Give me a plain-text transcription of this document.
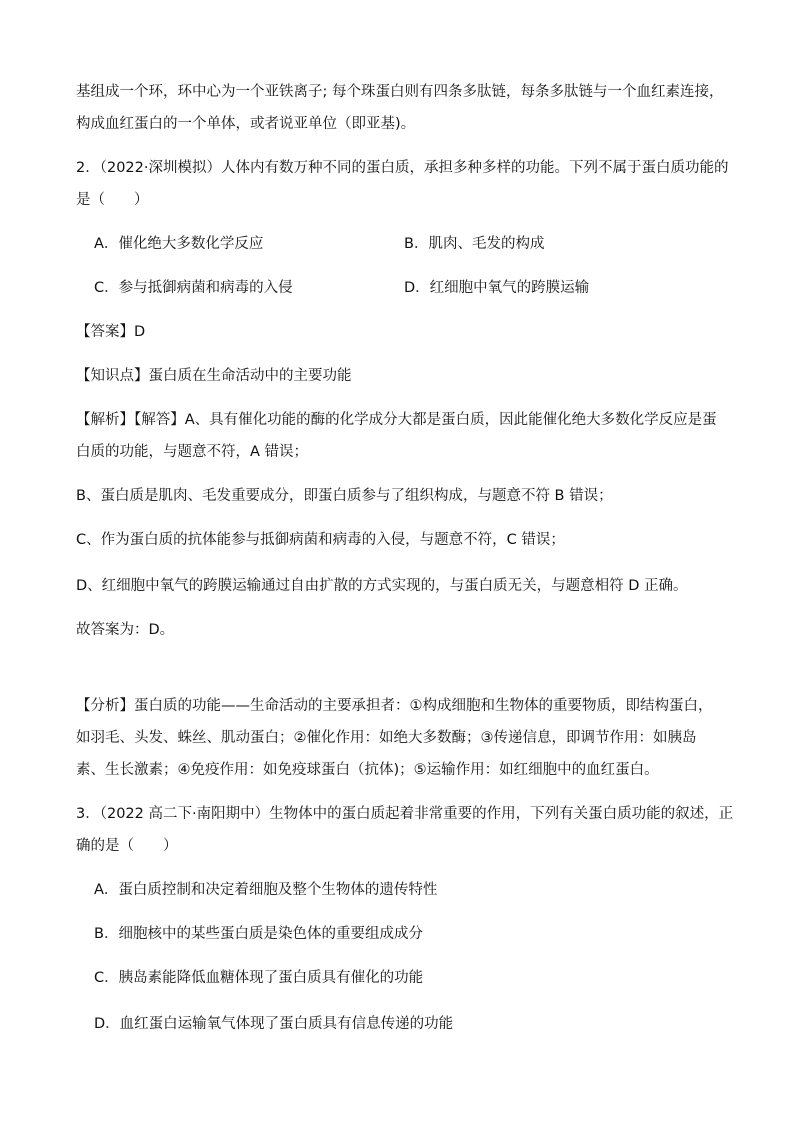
基组成一个环，环中心为一个亚铁离子; 每个珠蛋白则有四条多肽链，每条多肽链与一个血红素连接，
构成血红蛋白的一个单体，或者说亚单位（即亚基)。
2．（2022·深圳模拟）人体内有数万种不同的蛋白质，承担多种多样的功能。下列不属于蛋白质功能的
是（　　）
A．催化绝大多数化学反应	B．肌肉、毛发的构成
C．参与抵御病菌和病毒的入侵	D．红细胞中氧气的跨膜运输
【答案】D
【知识点】蛋白质在生命活动中的主要功能
【解析】【解答】A、具有催化功能的酶的化学成分大都是蛋白质，因此能催化绝大多数化学反应是蛋
白质的功能，与题意不符，A 错误；
B、蛋白质是肌肉、毛发重要成分，即蛋白质参与了组织构成，与题意不符 B 错误；
C、作为蛋白质的抗体能参与抵御病菌和病毒的入侵，与题意不符，C 错误；
D、红细胞中氧气的跨膜运输通过自由扩散的方式实现的，与蛋白质无关，与题意相符 D 正确。
故答案为：D。
【分析】蛋白质的功能——生命活动的主要承担者：①构成细胞和生物体的重要物质，即结构蛋白，
如羽毛、头发、蛛丝、肌动蛋白；②催化作用：如绝大多数酶；③传递信息，即调节作用：如胰岛
素、生长激素；④免疫作用：如免疫球蛋白（抗体)；⑤运输作用：如红细胞中的血红蛋白。
3．（2022 高二下·南阳期中）生物体中的蛋白质起着非常重要的作用，下列有关蛋白质功能的叙述，正
确的是（　　）
A．蛋白质控制和决定着细胞及整个生物体的遗传特性
B．细胞核中的某些蛋白质是染色体的重要组成成分
C．胰岛素能降低血糖体现了蛋白质具有催化的功能
D．血红蛋白运输氧气体现了蛋白质具有信息传递的功能
